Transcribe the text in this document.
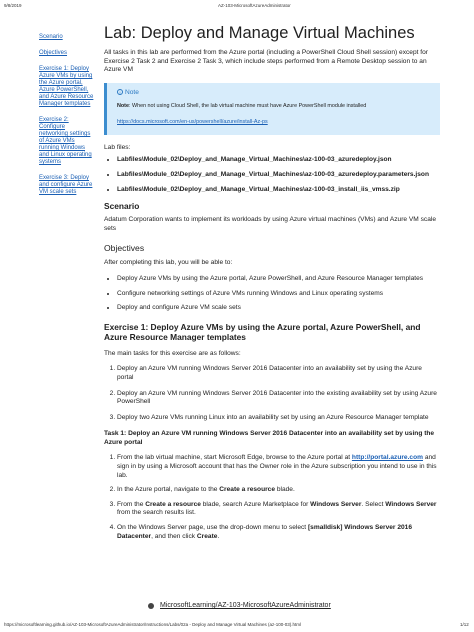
9/8/2019	AZ-103-MicrosoftAzureAdministrator
Scenario
Objectives
Exercise 1: Deploy Azure VMs by using the Azure portal, Azure PowerShell, and Azure Resource Manager templates
Exercise 2: Configure networking settings of Azure VMs running Windows and Linux operating systems
Exercise 3: Deploy and configure Azure VM scale sets
Lab: Deploy and Manage Virtual Machines

All tasks in this lab are performed from the Azure portal (including a PowerShell Cloud Shell session) except for Exercise 2 Task 2 and Exercise 2 Task 3, which include steps performed from a Remote Desktop session to an Azure VM

i Note

Note: When not using Cloud Shell, the lab virtual machine must have Azure PowerShell module installed

https://docs.microsoft.com/en-us/powershell/azure/install-Az-ps

Lab files:

• Labfiles\Module_02\Deploy_and_Manage_Virtual_Machines\az-100-03_azuredeploy.json
• Labfiles\Module_02\Deploy_and_Manage_Virtual_Machines\az-100-03_azuredeploy.parameters.json
• Labfiles\Module_02\Deploy_and_Manage_Virtual_Machines\az-100-03_install_iis_vmss.zip
Scenario

Adatum Corporation wants to implement its workloads by using Azure virtual machines (VMs) and Azure VM scale sets

Objectives

After completing this lab, you will be able to:

• Deploy Azure VMs by using the Azure portal, Azure PowerShell, and Azure Resource Manager templates
• Configure networking settings of Azure VMs running Windows and Linux operating systems
• Deploy and configure Azure VM scale sets
Exercise 1: Deploy Azure VMs by using the Azure portal, Azure PowerShell, and Azure Resource Manager templates

The main tasks for this exercise are as follows:

1. Deploy an Azure VM running Windows Server 2016 Datacenter into an availability set by using the Azure portal
2. Deploy an Azure VM running Windows Server 2016 Datacenter into the existing availability set by using Azure PowerShell
3. Deploy two Azure VMs running Linux into an availability set by using an Azure Resource Manager template

Task 1: Deploy an Azure VM running Windows Server 2016 Datacenter into an availability set by using the Azure portal

1. From the lab virtual machine, start Microsoft Edge, browse to the Azure portal at http://portal.azure.com and sign in by using a Microsoft account that has the Owner role in the Azure subscription you intend to use in this lab.
2. In the Azure portal, navigate to the Create a resource blade.
3. From the Create a resource blade, search Azure Marketplace for Windows Server. Select Windows Server from the search results list.
4. On the Windows Server page, use the drop-down menu to select [smalldisk] Windows Server 2016 Datacenter, and then click Create.
MicrosoftLearning/AZ-103-MicrosoftAzureAdministrator
https://microsoftlearning.github.io/AZ-103-MicrosoftAzureAdministrator/Instructions/Labs/02a - Deploy and Manage Virtual Machines (az-100-03).html	1/12
